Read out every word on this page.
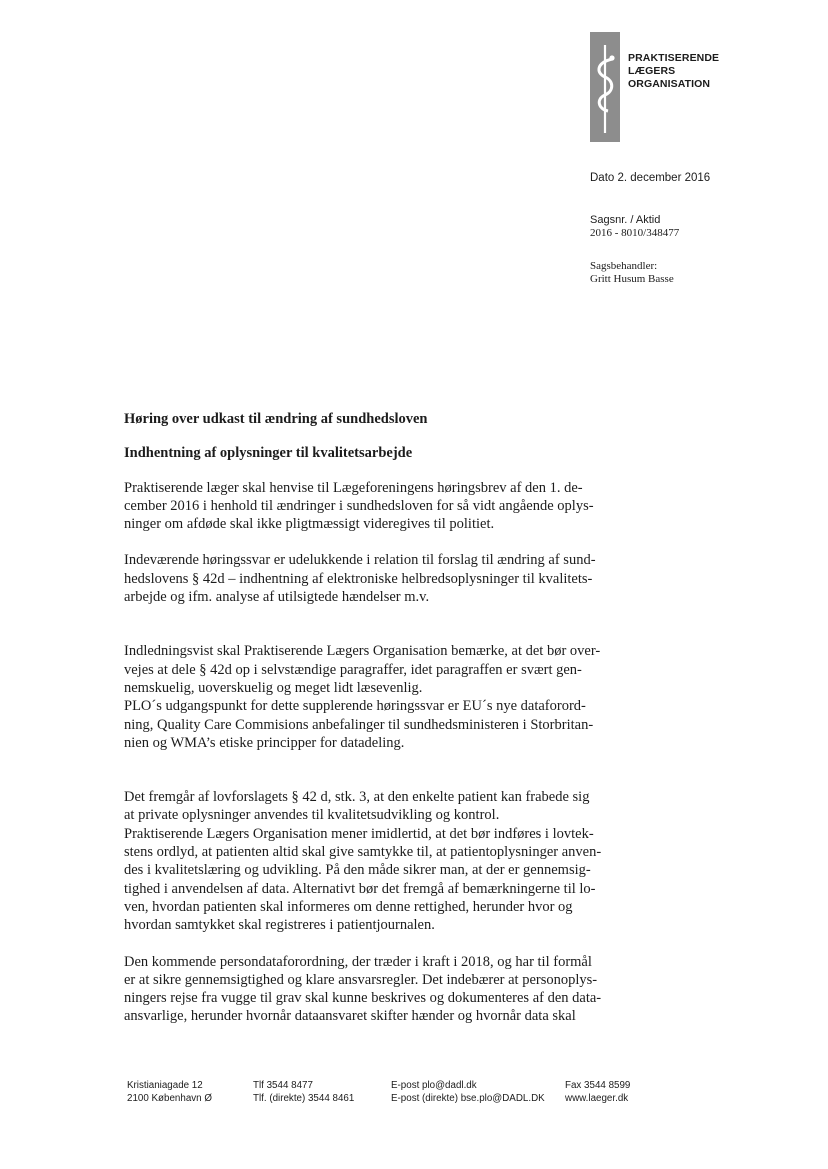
PRAKTISERENDE
LÆGERS
ORGANISATION
Dato 2. december 2016
Sagsnr. / Aktid
2016 - 8010/348477
Sagsbehandler:
Gritt Husum Basse
Høring over udkast til ændring af sundhedsloven
Indhentning af oplysninger til kvalitetsarbejde

Praktiserende læger skal henvise til Lægeforeningens høringsbrev af den 1. de-
cember 2016 i henhold til ændringer i sundhedsloven for så vidt angående oplys-
ninger om afdøde skal ikke pligtmæssigt videregives til politiet.

Indeværende høringssvar er udelukkende i relation til forslag til ændring af sund-
hedslovens § 42d – indhentning af elektroniske helbredsoplysninger til kvalitets-
arbejde og ifm. analyse af utilsigtede hændelser m.v.

Indledningsvist skal Praktiserende Lægers Organisation bemærke, at det bør over-
vejes at dele § 42d op i selvstændige paragraffer, idet paragraffen er svært gen-
nemskuelig, uoverskuelig og meget lidt læsevenlig.
PLO´s udgangspunkt for dette supplerende høringssvar er EU´s nye dataforord-
ning, Quality Care Commisions anbefalinger til sundhedsministeren i Storbritan-
nien og WMA’s etiske principper for datadeling.

Det fremgår af lovforslagets § 42 d, stk. 3, at den enkelte patient kan frabede sig
at private oplysninger anvendes til kvalitetsudvikling og kontrol.
Praktiserende Lægers Organisation mener imidlertid, at det bør indføres i lovtek-
stens ordlyd, at patienten altid skal give samtykke til, at patientoplysninger anven-
des i kvalitetslæring og udvikling. På den måde sikrer man, at der er gennemsig-
tighed i anvendelsen af data. Alternativt bør det fremgå af bemærkningerne til lo-
ven, hvordan patienten skal informeres om denne rettighed, herunder hvor og
hvordan samtykket skal registreres i patientjournalen.

Den kommende persondataforordning, der træder i kraft i 2018, og har til formål
er at sikre gennemsigtighed og klare ansvarsregler. Det indebærer at personoplys-
ningers rejse fra vugge til grav skal kunne beskrives og dokumenteres af den data-
ansvarlige, herunder hvornår dataansvaret skifter hænder og hvornår data skal

Kristianiagade 12
2100 København Ø
Tlf 3544 8477
Tlf. (direkte) 3544 8461
E-post plo@dadl.dk
E-post (direkte) bse.plo@DADL.DK
Fax 3544 8599
www.laeger.dk
